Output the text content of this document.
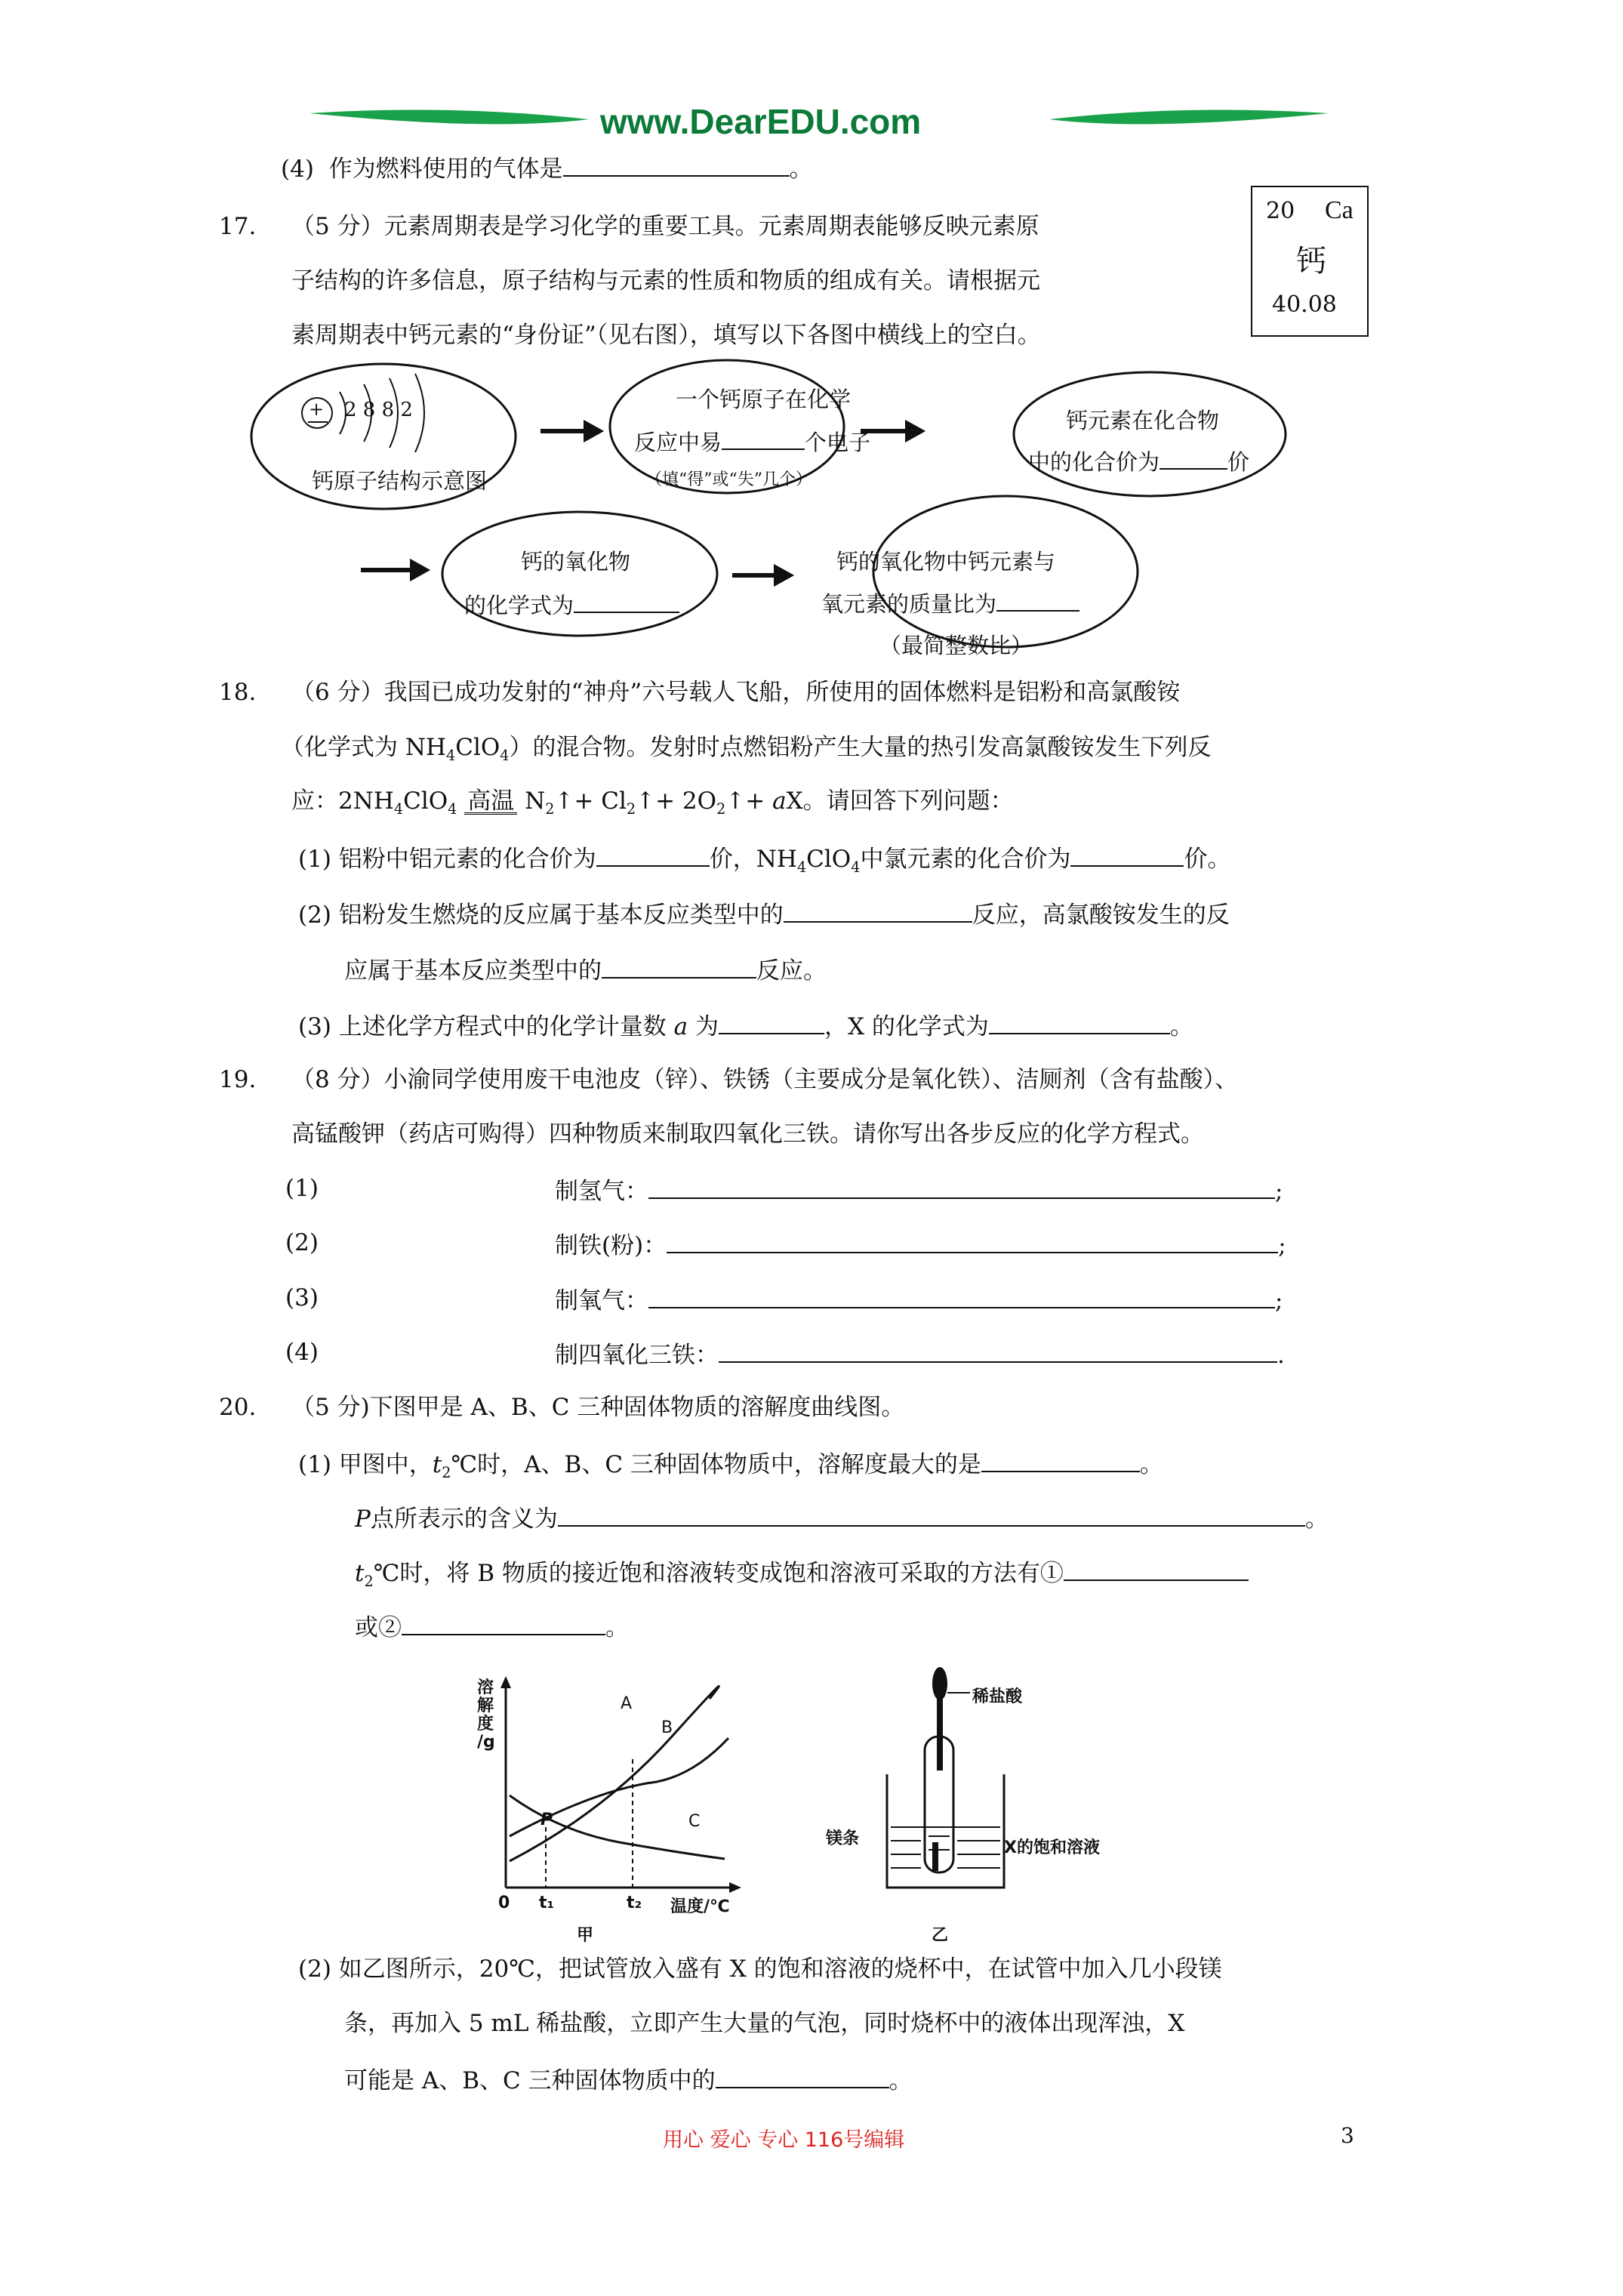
www.DearEDU.com
(4) 作为燃料使用的气体是	。
17. （5 分）元素周期表是学习化学的重要工具。元素周期表能够反映元素原
子结构的许多信息，原子结构与元素的性质和物质的组成有关。请根据元
素周期表中钙元素的“身份证”（见右图），填写以下各图中横线上的空白。
20 Ca
钙
40.08
+ 2 8 8 2
钙原子结构示意图
一个钙原子在化学
反应中易	个电子
（填“得”或“失”几个）
钙元素在化合物
中的化合价为	价
钙的氧化物
的化学式为
钙的氧化物中钙元素与
氧元素的质量比为
（最简整数比）
18. （6 分）我国已成功发射的“神舟”六号载人飞船，所使用的固体燃料是铝粉和高氯酸铵
（化学式为 $NH_4ClO_4$）的混合物。发射时点燃铝粉产生大量的热引发高氯酸铵发生下列反
应：$2NH_4ClO_4$ 高温 $N_2↑+$ $Cl_2↑+$ $2O_2↑+$ aX。请回答下列问题：
(1) 铝粉中铝元素的化合价为	价，$NH_4ClO_4$中氯元素的化合价为	价。
(2) 铝粉发生燃烧的反应属于基本反应类型中的	反应，高氯酸铵发生的反
应属于基本反应类型中的	反应。
(3) 上述化学方程式中的化学计量数 a 为	，X 的化学式为	。
19. （8 分）小渝同学使用废干电池皮（锌）、铁锈（主要成分是氧化铁）、洁厕剂（含有盐酸）、
高锰酸钾（药店可购得）四种物质来制取四氧化三铁。请你写出各步反应的化学方程式。
(1)	制氢气：	;
(2)	制铁(粉)：	;
(3)	制氧气：	;
(4)	制四氧化三铁：	.
20. （5 分)下图甲是 A、B、C 三种固体物质的溶解度曲线图。
(1) 甲图中，$t_2℃$时，A、B、C 三种固体物质中，溶解度最大的是	。
P点所表示的含义为	。
$t_2℃$时，将 B 物质的接近饱和溶液转变成饱和溶液可采取的方法有①
或②	。
溶
解
度
/g
A
B
C
P
0 t₁	t₂ 温度/℃
甲
稀盐酸
镁条	X的饱和溶液
乙
(2) 如乙图所示，20℃，把试管放入盛有 X 的饱和溶液的烧杯中，在试管中加入几小段镁
条，再加入 5 mL 稀盐酸，立即产生大量的气泡，同时烧杯中的液体出现浑浊，X
可能是 A、B、C 三种固体物质中的	。
用心 爱心 专心 116号编辑	3
